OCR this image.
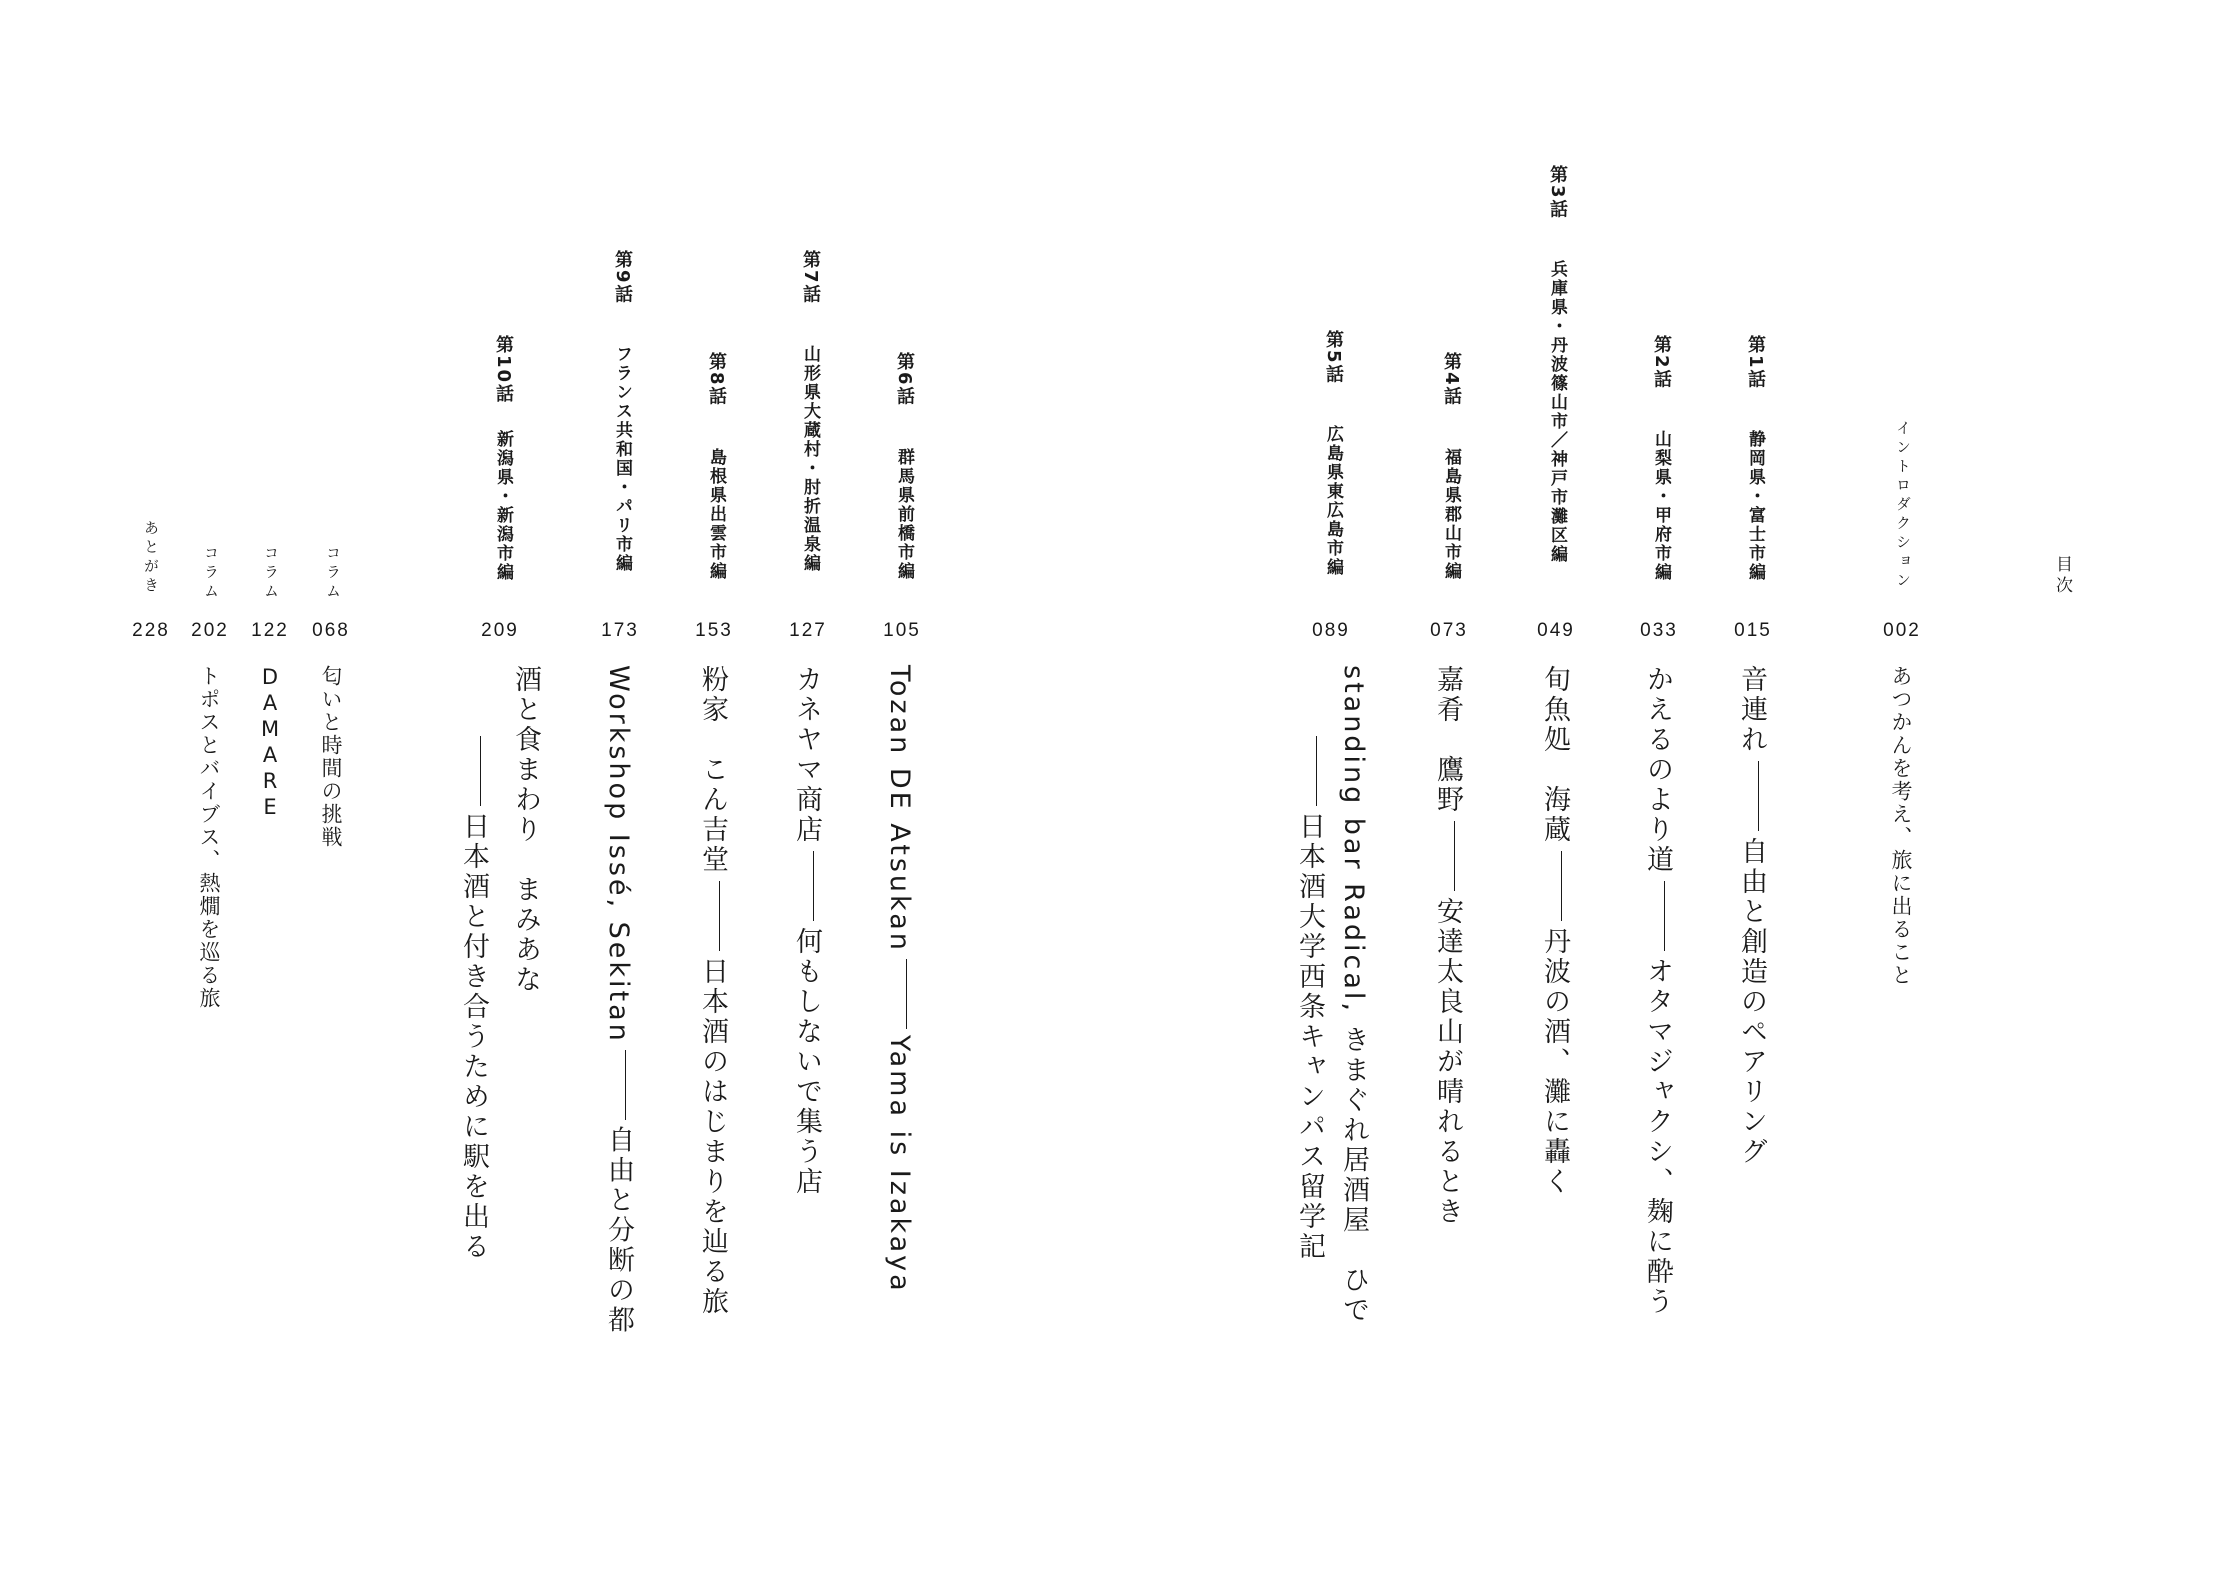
目次
イントロダクション
002
あつかんを考え、旅に出ること
第1話
静岡県・富士市編
015
音連れ自由と創造のペアリング
第2話
山梨県・甲府市編
033
かえるのより道オタマジャクシ、麹に酔う
第3話
兵庫県・丹波篠山市／神戸市灘区編
049
旬魚処　海蔵丹波の酒、灘に轟く
第4話
福島県郡山市編
073
嘉肴　鷹野安達太良山が晴れるとき
第5話
広島県東広島市編
089
standing bar Radical, きまぐれ居酒屋　ひで
日本酒大学西条キャンパス留学記
第6話
群馬県前橋市編
105
Tozan DE AtsukanYama is Izakaya
第7話
山形県大蔵村・肘折温泉編
127
カネヤマ商店何もしないで集う店
第8話
島根県出雲市編
153
粉家　こん吉堂日本酒のはじまりを辿る旅
第9話
フランス共和国・パリ市編
173
Workshop Issé, Sekitan自由と分断の都
第10話
新潟県・新潟市編
209
酒と食まわり　まみあな
日本酒と付き合うために駅を出る
コラム
068
匂いと時間の挑戦
コラム
122
DAMARE
コラム
202
トポスとバイブス、熱燗を巡る旅
あとがき
228
